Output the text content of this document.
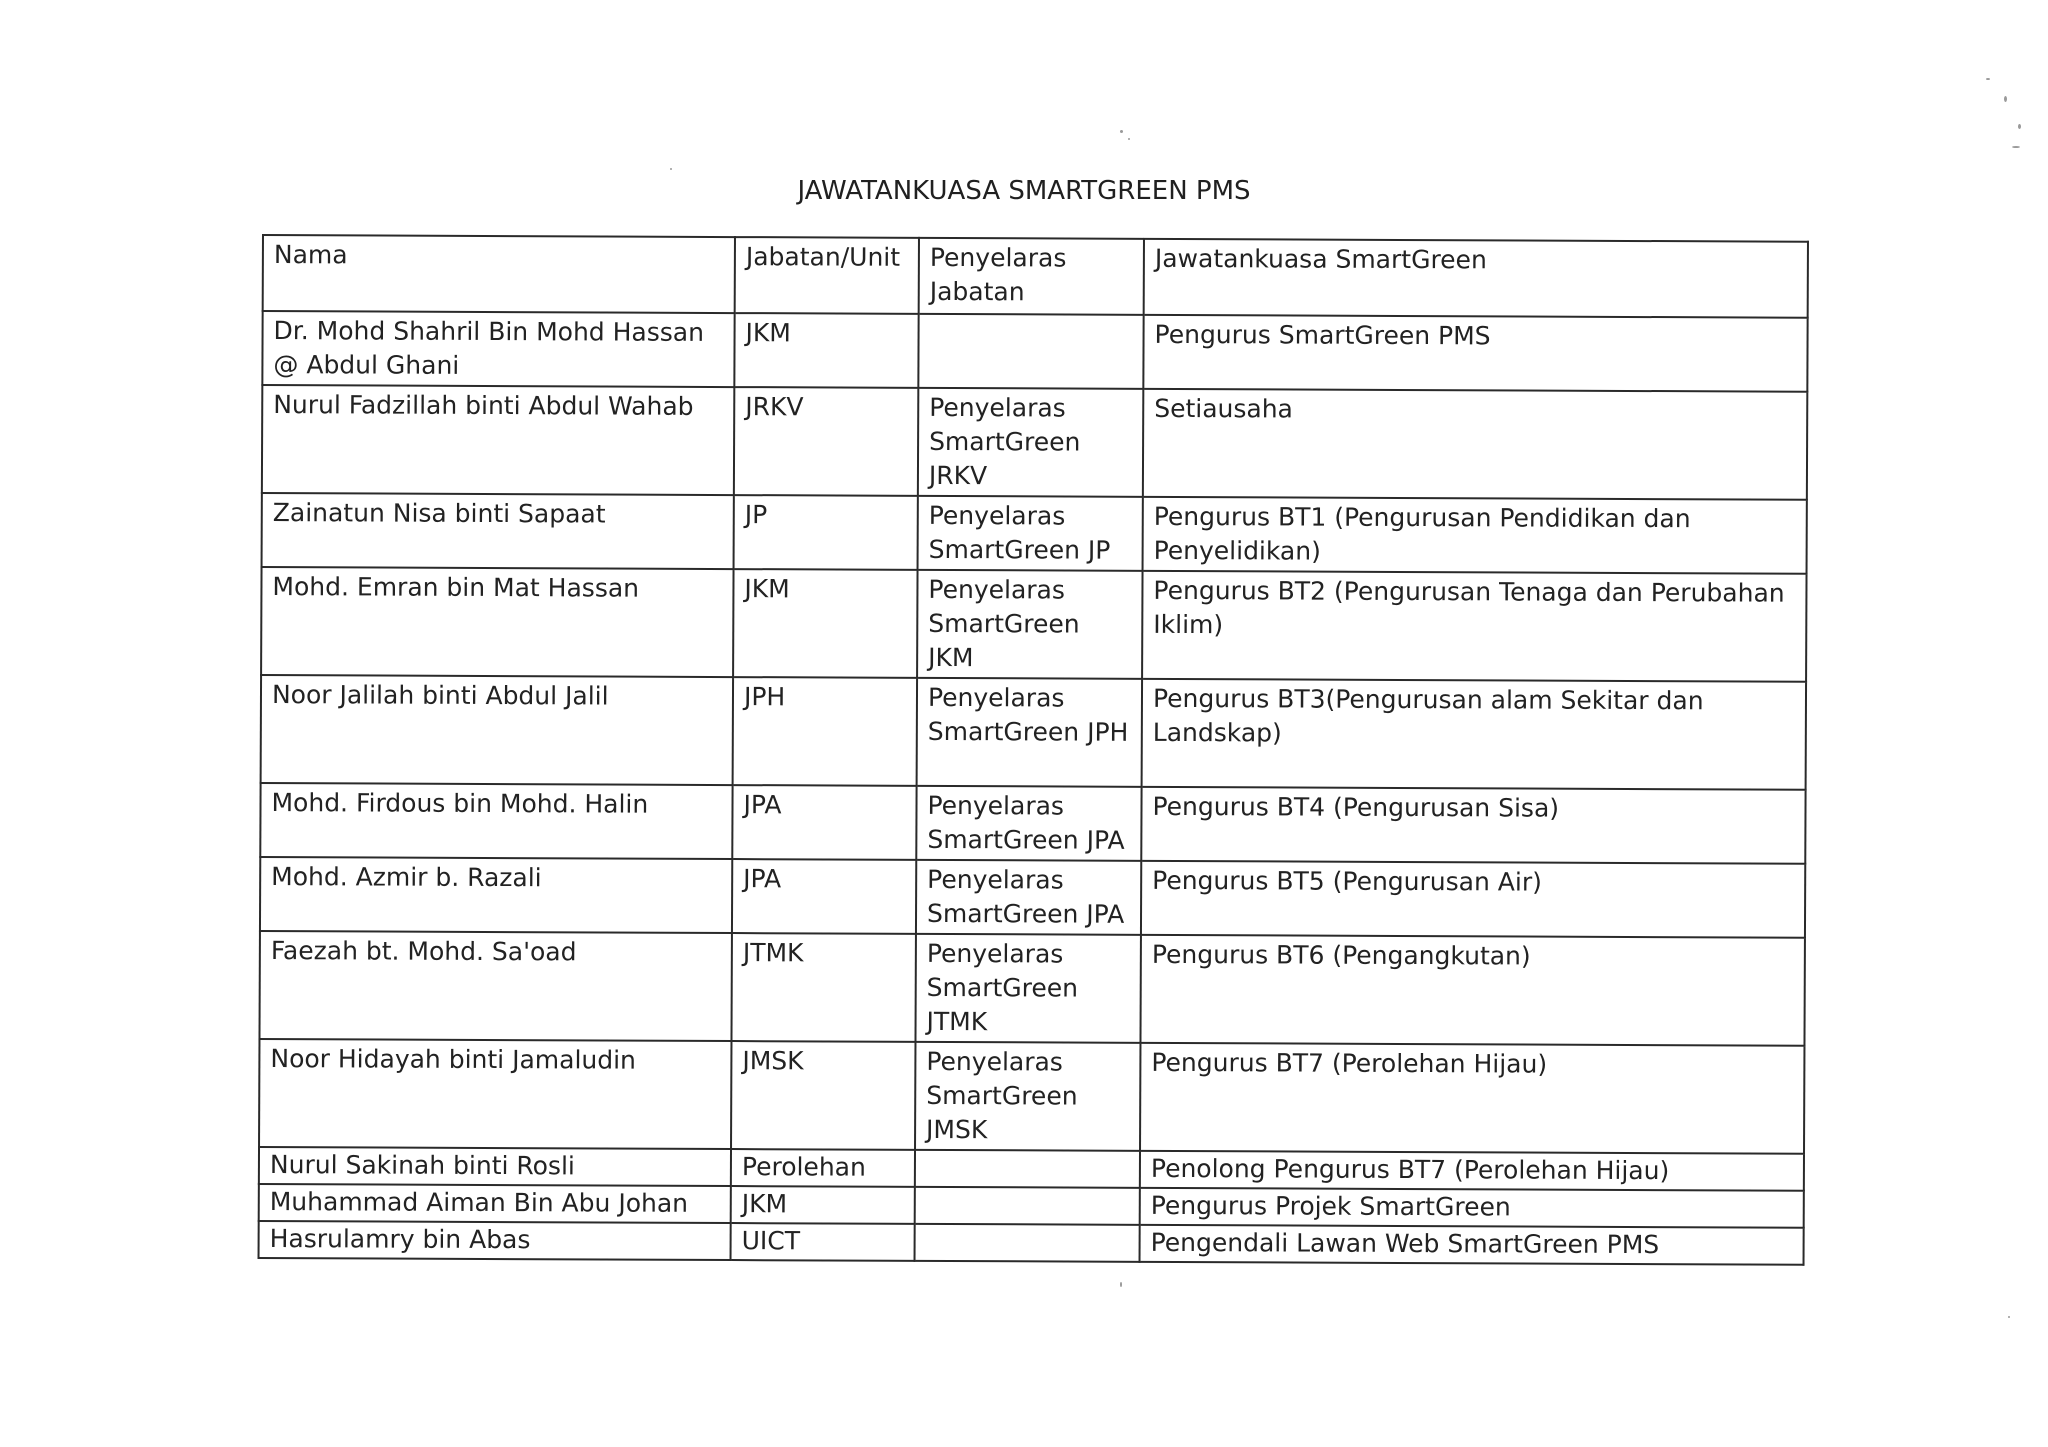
JAWATANKUASA SMARTGREEN PMS
Nama	Jabatan/Unit	Penyelaras Jabatan	Jawatankuasa SmartGreen
Dr. Mohd Shahril Bin Mohd Hassan @ Abdul Ghani	JKM		Pengurus SmartGreen PMS
Nurul Fadzillah binti Abdul Wahab	JRKV	Penyelaras SmartGreen JRKV	Setiausaha
Zainatun Nisa binti Sapaat	JP	Penyelaras SmartGreen JP	Pengurus BT1 (Pengurusan Pendidikan dan Penyelidikan)
Mohd. Emran bin Mat Hassan	JKM	Penyelaras SmartGreen JKM	Pengurus BT2 (Pengurusan Tenaga dan Perubahan Iklim)
Noor Jalilah binti Abdul Jalil	JPH	Penyelaras SmartGreen JPH	Pengurus BT3(Pengurusan alam Sekitar dan Landskap)
Mohd. Firdous bin Mohd. Halin	JPA	Penyelaras SmartGreen JPA	Pengurus BT4 (Pengurusan Sisa)
Mohd. Azmir b. Razali	JPA	Penyelaras SmartGreen JPA	Pengurus BT5 (Pengurusan Air)
Faezah bt. Mohd. Sa'oad	JTMK	Penyelaras SmartGreen JTMK	Pengurus BT6 (Pengangkutan)
Noor Hidayah binti Jamaludin	JMSK	Penyelaras SmartGreen JMSK	Pengurus BT7 (Perolehan Hijau)
Nurul Sakinah binti Rosli	Perolehan		Penolong Pengurus BT7 (Perolehan Hijau)
Muhammad Aiman Bin Abu Johan	JKM		Pengurus Projek SmartGreen
Hasrulamry bin Abas	UICT		Pengendali Lawan Web SmartGreen PMS
